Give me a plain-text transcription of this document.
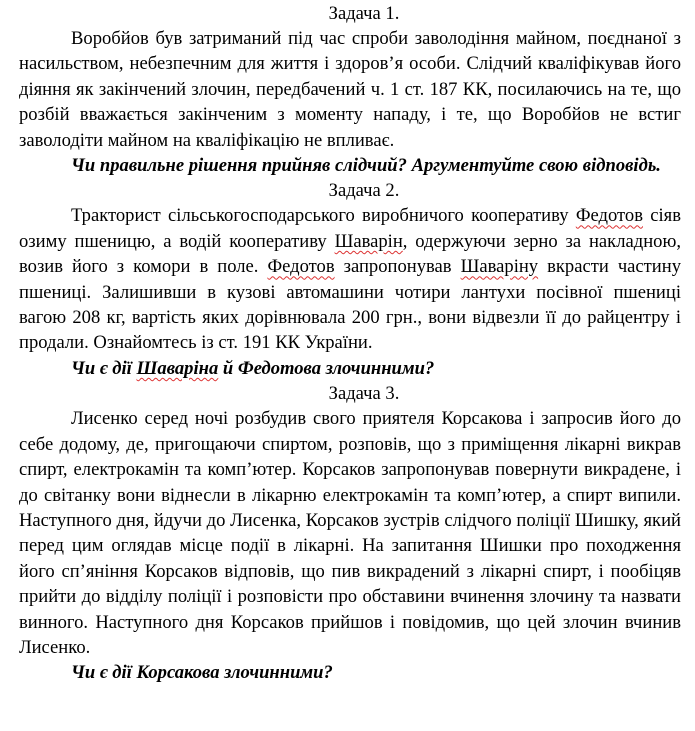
Задача 1.

Воробйов був затриманий під час спроби заволодіння майном, поєднаної з насильством, небезпечним для життя і здоров’я особи. Слідчий кваліфікував його діяння як закінчений злочин, передбачений ч. 1 ст. 187 КК, посилаючись на те, що розбій вважається закінченим з моменту нападу, і те, що Воробйов не встиг заволодіти майном на кваліфікацію не впливає.

Чи правильне рішення прийняв слідчий? Аргументуйте свою відповідь.

Задача 2.

Тракторист сільськогосподарського виробничого кооперативу Федотов сіяв озиму пшеницю, а водій кооперативу Шаварін, одержуючи зерно за накладною, возив його з комори в поле. Федотов запропонував Шаваріну вкрасти частину пшениці. Залишивши в кузові автомашини чотири лантухи посівної пшениці вагою 208 кг, вартість яких дорівнювала 200 грн., вони відвезли її до райцентру і продали. Ознайомтесь із ст. 191 КК України.

Чи є дії Шаваріна й Федотова злочинними?

Задача 3.

Лисенко серед ночі розбудив свого приятеля Корсакова і запросив його до себе додому, де, пригощаючи спиртом, розповів, що з приміщення лікарні викрав спирт, електрокамін та комп’ютер. Корсаков запропонував повернути викрадене, і до світанку вони віднесли в лікарню електрокамін та комп’ютер, а спирт випили. Наступного дня, йдучи до Лисенка, Корсаков зустрів слідчого поліції Шишку, який перед цим оглядав місце події в лікарні. На запитання Шишки про походження його сп’яніння Корсаков відповів, що пив викрадений з лікарні спирт, і пообіцяв прийти до відділу поліції і розповісти про обставини вчинення злочину та назвати винного. Наступного дня Корсаков прийшов і повідомив, що цей злочин вчинив Лисенко.

Чи є дії Корсакова злочинними?
